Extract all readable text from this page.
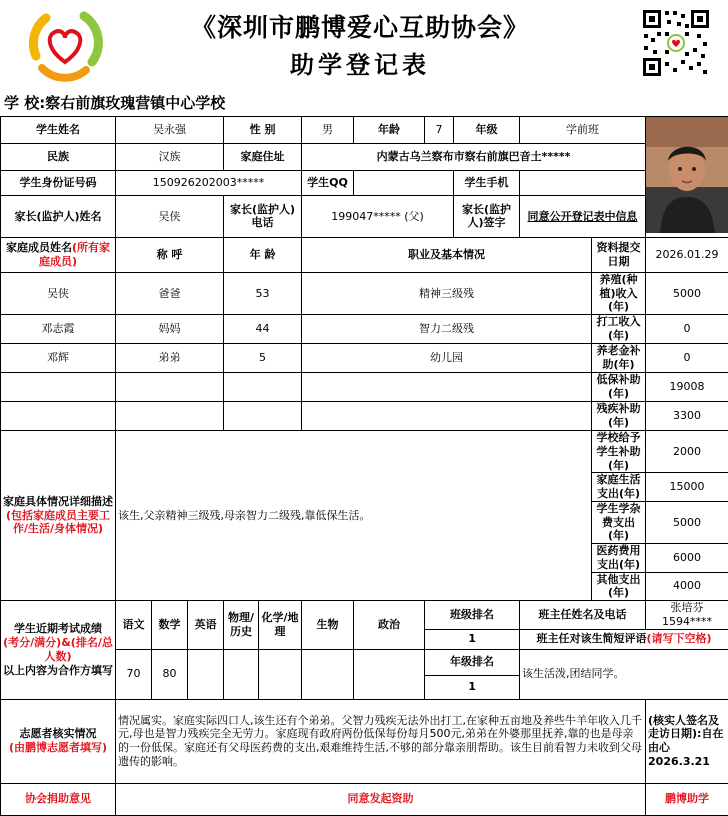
《深圳市鹏博爱心互助协会》
助学登记表
学 校:察右前旗玫瑰营镇中心学校
学生姓名	吴永强			性 别		男	年龄	7	年级	学前班	
民族	汉族			家庭住址		内蒙古乌兰察布市察右前旗巴音土*****						
学生身份证号码	150926202003*****					学生QQ			学生手机			
家长(监护人)姓名	吴侠			家长(监护人)电话		199047***** (父)			家长(监护人)签字	同意公开登记表中信息		
家庭成员姓名(所有家庭成员)	称 呼			年 龄		职业及基本情况					资料提交日期	2026.01.29
吴侠	爸爸			53		精神三级残					养殖(种植)收入(年)	5000
邓志霞	妈妈			44		智力二级残					打工收入(年)	0
邓辉	弟弟			5		幼儿园					养老金补助(年)	0
											低保补助(年)	19008
											残疾补助(年)	3300
家庭具体情况详细描述(包括家庭成员主要工作/生活/身体情况)	该生,父亲精神三级残,母亲智力二级残,靠低保生活。										学校给予学生补助(年)	2000
											家庭生活支出(年)	15000
											学生学杂费支出(年)	5000
											医药费用支出(年)	6000
											其他支出(年)	4000
学生近期考试成绩
(考分/满分)&(排名/总人数)
以上内容为合作方填写	语文	数学	英语	物理/历史	化学/地理	生物	政治	班级排名		班主任姓名及电话		张培芬1594****
								1		班主任对该生简短评语(请写下空格)		
	70	80						年级排名		该生活泼,团结同学。		
								1				
志愿者核实情况
(由鹏博志愿者填写)	情况属实。家庭实际四口人,该生还有个弟弟。父智力残疾无法外出打工,在家种五亩地及养些牛羊年收入几千元,母也是智力残疾完全无劳力。家庭现有政府两份低保每份每月500元,弟弟在外婆那里抚养,靠的也是母亲的一份低保。家庭还有父母医药费的支出,艰难维持生活,不够的部分靠亲朋帮助。该生目前看智力未收到父母遗传的影响。											(核实人签名及走访日期):自在由心
2026.3.21
协会捐助意见	同意发起资助											鹏博助学
